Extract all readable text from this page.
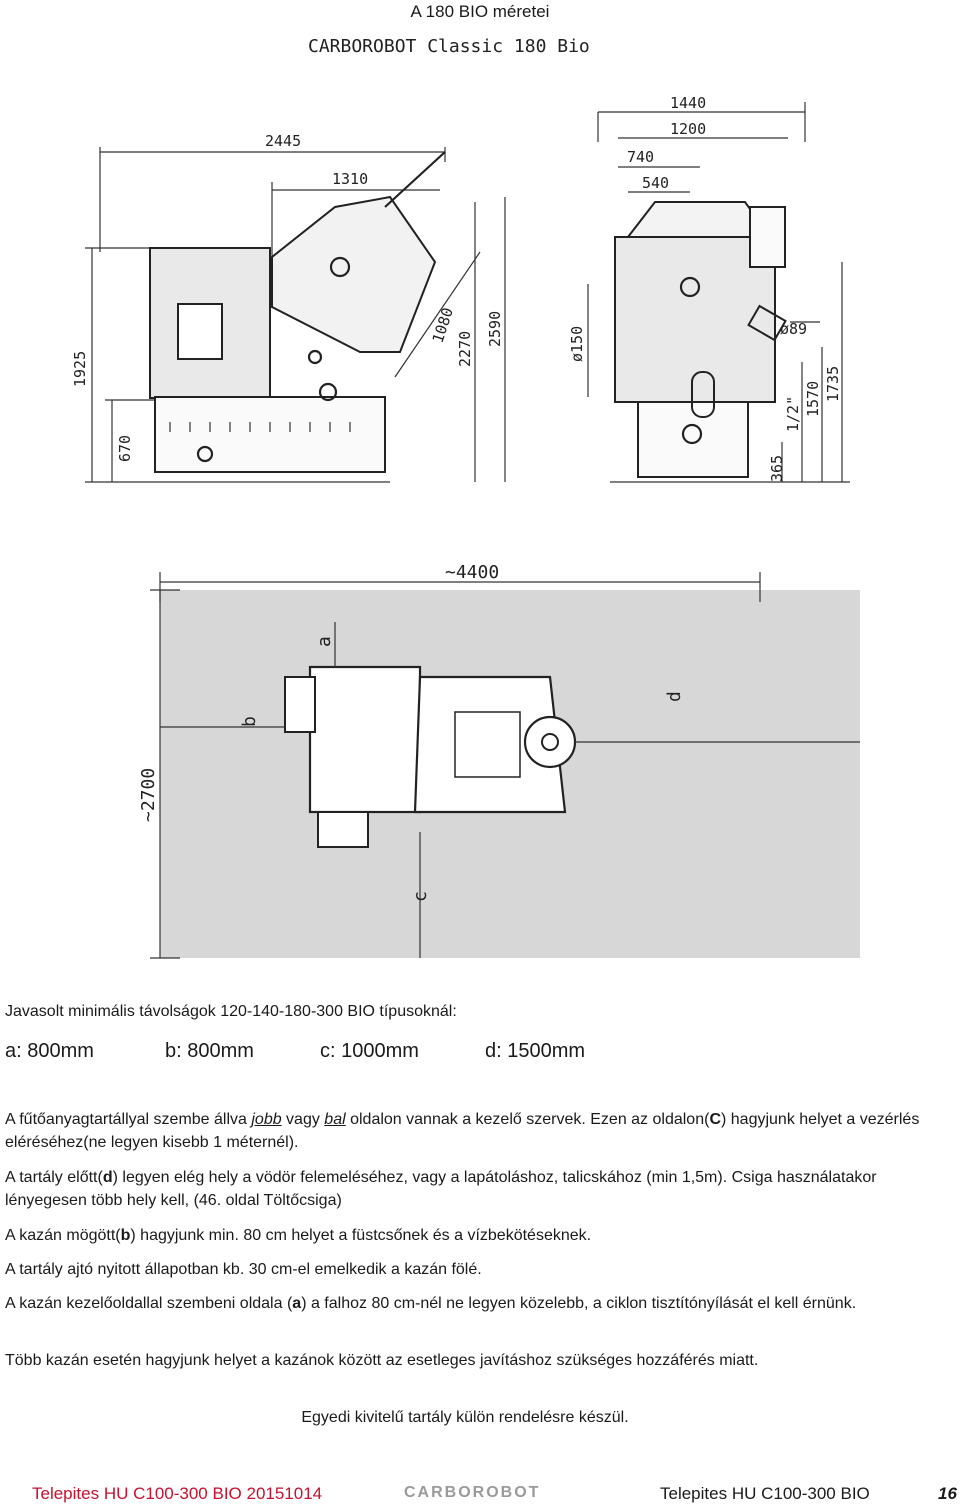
A 180 BIO méretei
CARBOROBOT Classic 180 Bio
2445
1310
1925
670
2270
2590
1080
1440
1200
740
540
ø150	ø89
1/2" 1570 1735
365
~4400
~2700
a
b
c
d
Javasolt minimális távolságok 120-140-180-300 BIO típusoknál:
a: 800mm	b: 800mm	c: 1000mm	d: 1500mm
A fűtőanyagtartállyal szembe állva jobb vagy bal oldalon vannak a kezelő szervek. Ezen az oldalon(C) hagyjunk helyet a vezérlés eléréséhez(ne legyen kisebb 1 méternél).
A tartály előtt(d) legyen elég hely a vödör felemeléséhez, vagy a lapátoláshoz, talicskához (min 1,5m). Csiga használatakor lényegesen több hely kell, (46. oldal Töltőcsiga)
A kazán mögött(b) hagyjunk min. 80 cm helyet a füstcsőnek és a vízbekötéseknek.
A tartály ajtó nyitott állapotban kb. 30 cm-el emelkedik a kazán fölé.
A kazán kezelőoldallal szembeni oldala (a) a falhoz 80 cm-nél ne legyen közelebb, a ciklon tisztítónyílását el kell érnünk.
Több kazán esetén hagyjunk helyet a kazánok között az esetleges javításhoz szükséges hozzáférés miatt.
Egyedi kivitelű tartály külön rendelésre készül.
Telepites HU C100-300 BIO 20151014	CARBOROBOT	Telepites HU C100-300 BIO	16
